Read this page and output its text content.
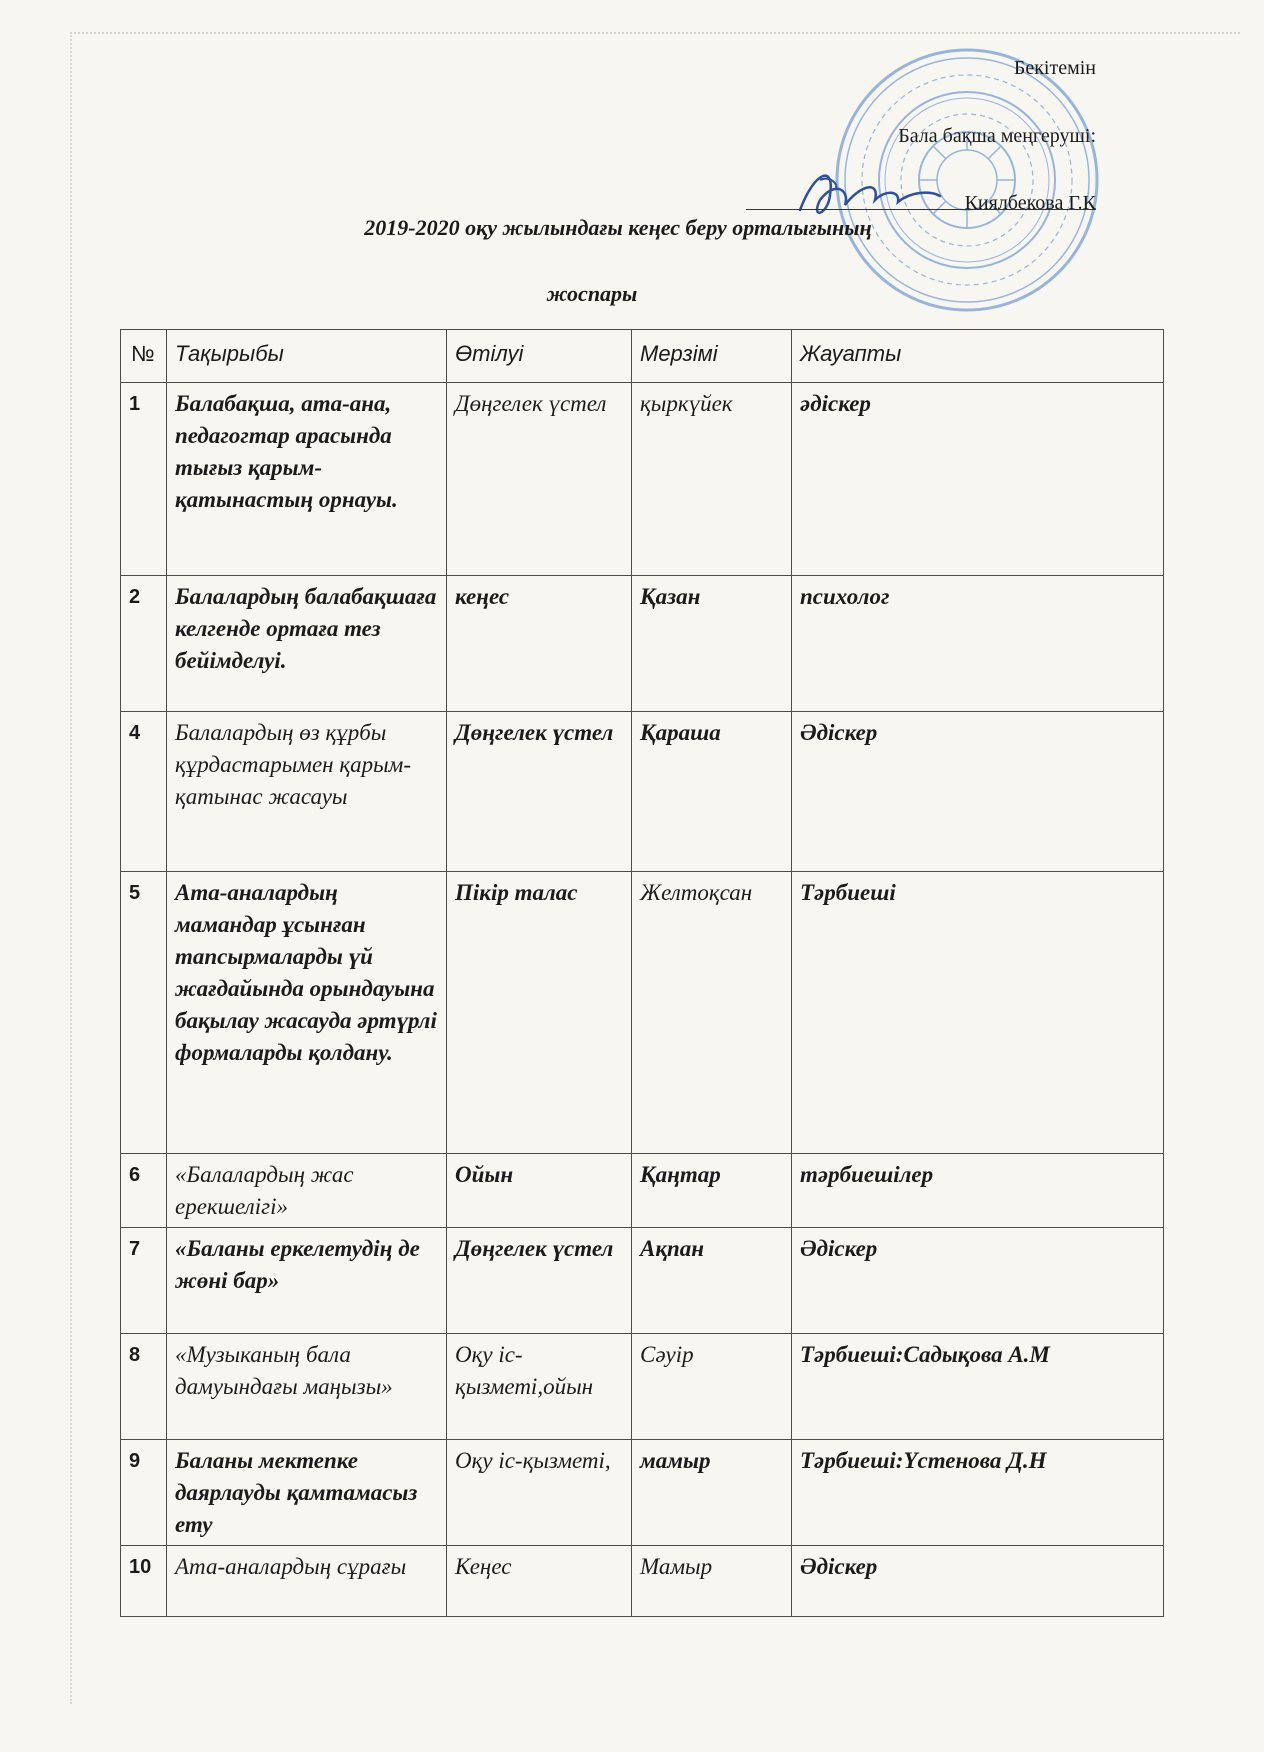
Бекітемін
Бала бақша меңгеруші:
Киялбекова Г.К
2019-2020 оқу жылындағы кеңес беру орталығының
жоспары
№	Тақырыбы	Өтілуі	Мерзімі	Жауапты
1	Балабақша, ата-ана, педагогтар арасында тығыз қарым-қатынастың орнауы.	Дөңгелек үстел	қыркүйек	әдіскер
2	Балалардың балабақшаға келгенде ортаға тез бейімделуі.	кеңес	Қазан	психолог
4	Балалардың өз құрбы құрдастарымен қарым-қатынас жасауы	Дөңгелек үстел	Қараша	Әдіскер
5	Ата-аналардың мамандар ұсынған тапсырмаларды үй жағдайында орындауына бақылау жасауда әртүрлі формаларды қолдану.	Пікір талас	Желтоқсан	Тәрбиеші
6	«Балалардың жас ерекшелігі»	Ойын	Қаңтар	тәрбиешілер
7	«Баланы еркелетудің де жөні бар»	Дөңгелек үстел	Ақпан	Әдіскер
8	«Музыканың бала дамуындағы маңызы»	Оқу іс-қызметі,ойын	Сәуір	Тәрбиеші:Садықова А.М
9	Баланы мектепке даярлауды қамтамасыз ету	Оқу іс-қызметі,	мамыр	Тәрбиеші:Үстенова Д.Н
10	Ата-аналардың сұрағы	Кеңес	Мамыр	Әдіскер
